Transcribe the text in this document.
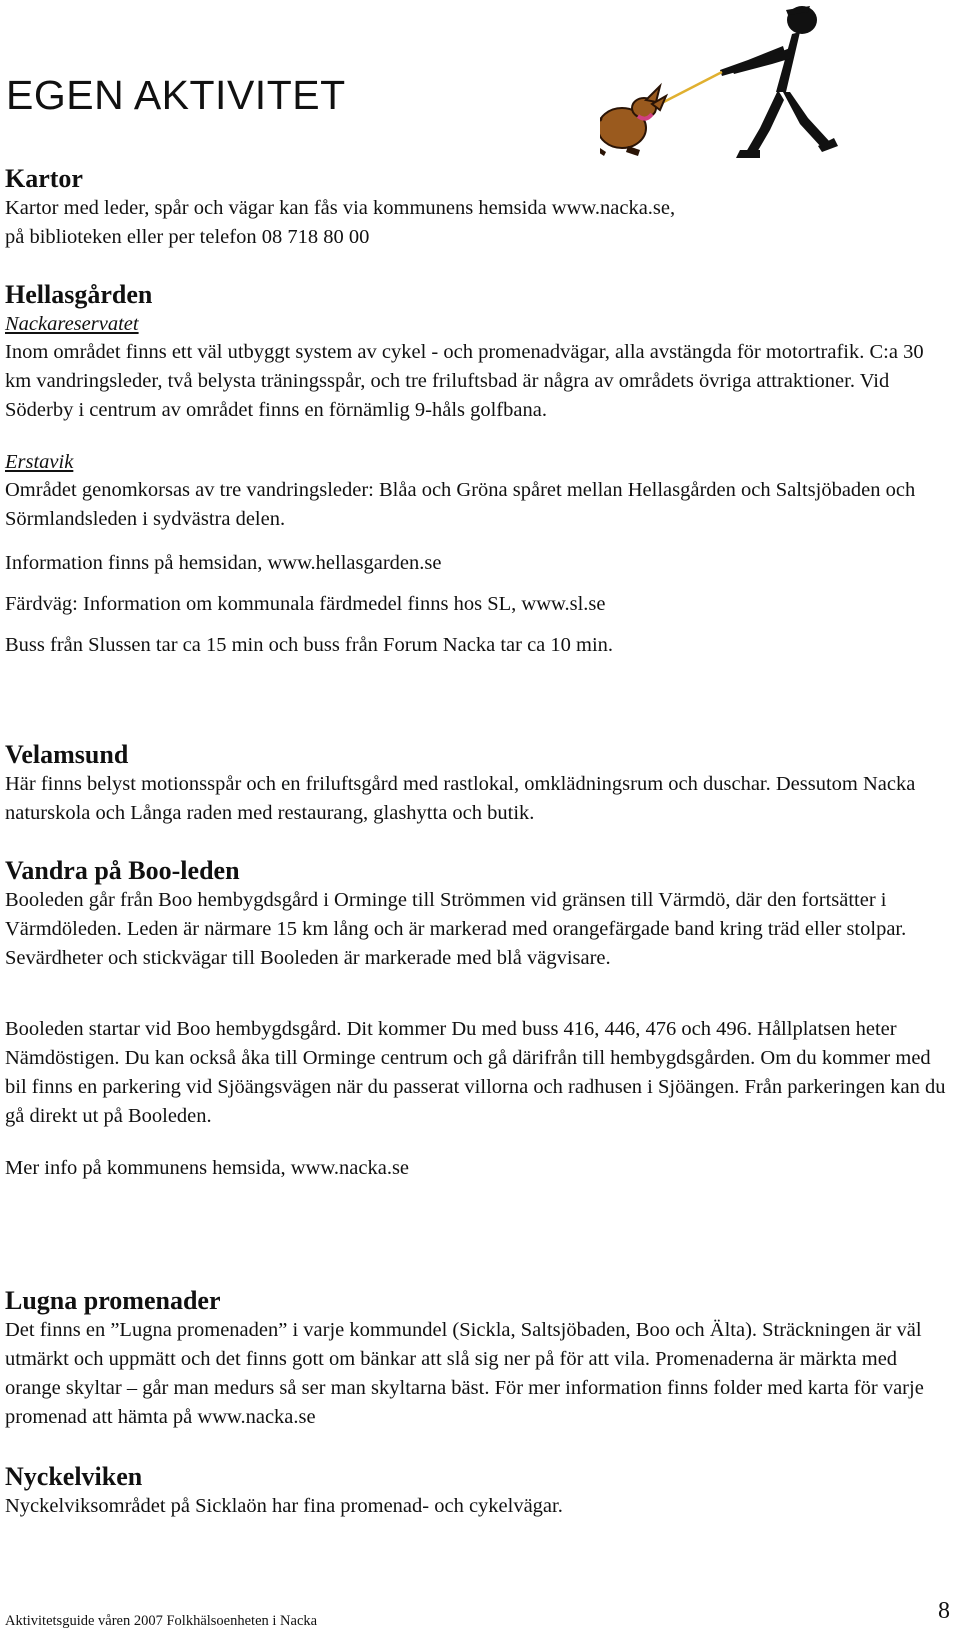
EGEN AKTIVITET
Kartor

Kartor med leder, spår och vägar kan fås via kommunens hemsida www.nacka.se,

på biblioteken eller per telefon 08 718 80 00

Hellasgården
Nackareservatet

Inom området finns ett väl utbyggt system av cykel - och promenadvägar, alla avstängda för motortrafik. C:a 30 km vandringsleder, två belysta träningsspår, och tre friluftsbad är några av områdets övriga attraktioner. Vid Söderby i centrum av området finns en förnämlig 9-håls golfbana.

Erstavik

Området genomkorsas av tre vandringsleder: Blåa och Gröna spåret mellan Hellasgården och Saltsjöbaden och Sörmlandsleden i sydvästra delen.

Information finns på hemsidan, www.hellasgarden.se

Färdväg: Information om kommunala färdmedel finns hos SL, www.sl.se

Buss från Slussen tar ca 15 min och buss från Forum Nacka tar ca 10 min.

Velamsund

Här finns belyst motionsspår och en friluftsgård med rastlokal, omklädningsrum och duschar. Dessutom Nacka naturskola och Långa raden med restaurang, glashytta och butik.

Vandra på Boo-leden

Booleden går från Boo hembygdsgård i Orminge till Strömmen vid gränsen till Värmdö, där den fortsätter i Värmdöleden. Leden är närmare 15 km lång och är markerad med orangefärgade band kring träd eller stolpar. Sevärdheter och stickvägar till Booleden är markerade med blå vägvisare.

Booleden startar vid Boo hembygdsgård. Dit kommer Du med buss 416, 446, 476 och 496. Hållplatsen heter Nämdöstigen. Du kan också åka till Orminge centrum och gå därifrån till hembygdsgården. Om du kommer med bil finns en parkering vid Sjöängsvägen när du passerat villorna och radhusen i Sjöängen. Från parkeringen kan du gå direkt ut på Booleden.

Mer info på kommunens hemsida, www.nacka.se

Lugna promenader

Det finns en ”Lugna promenaden” i varje kommundel (Sickla, Saltsjöbaden, Boo och Älta). Sträckningen är väl utmärkt och uppmätt och det finns gott om bänkar att slå sig ner på för att vila. Promenaderna är märkta med orange skyltar – går man medurs så ser man skyltarna bäst. För mer information finns folder med karta för varje promenad att hämta på www.nacka.se

Nyckelviken

Nyckelviksområdet på Sicklaön har fina promenad- och cykelvägar.

Aktivitetsguide våren 2007 Folkhälsoenheten i Nacka	8
